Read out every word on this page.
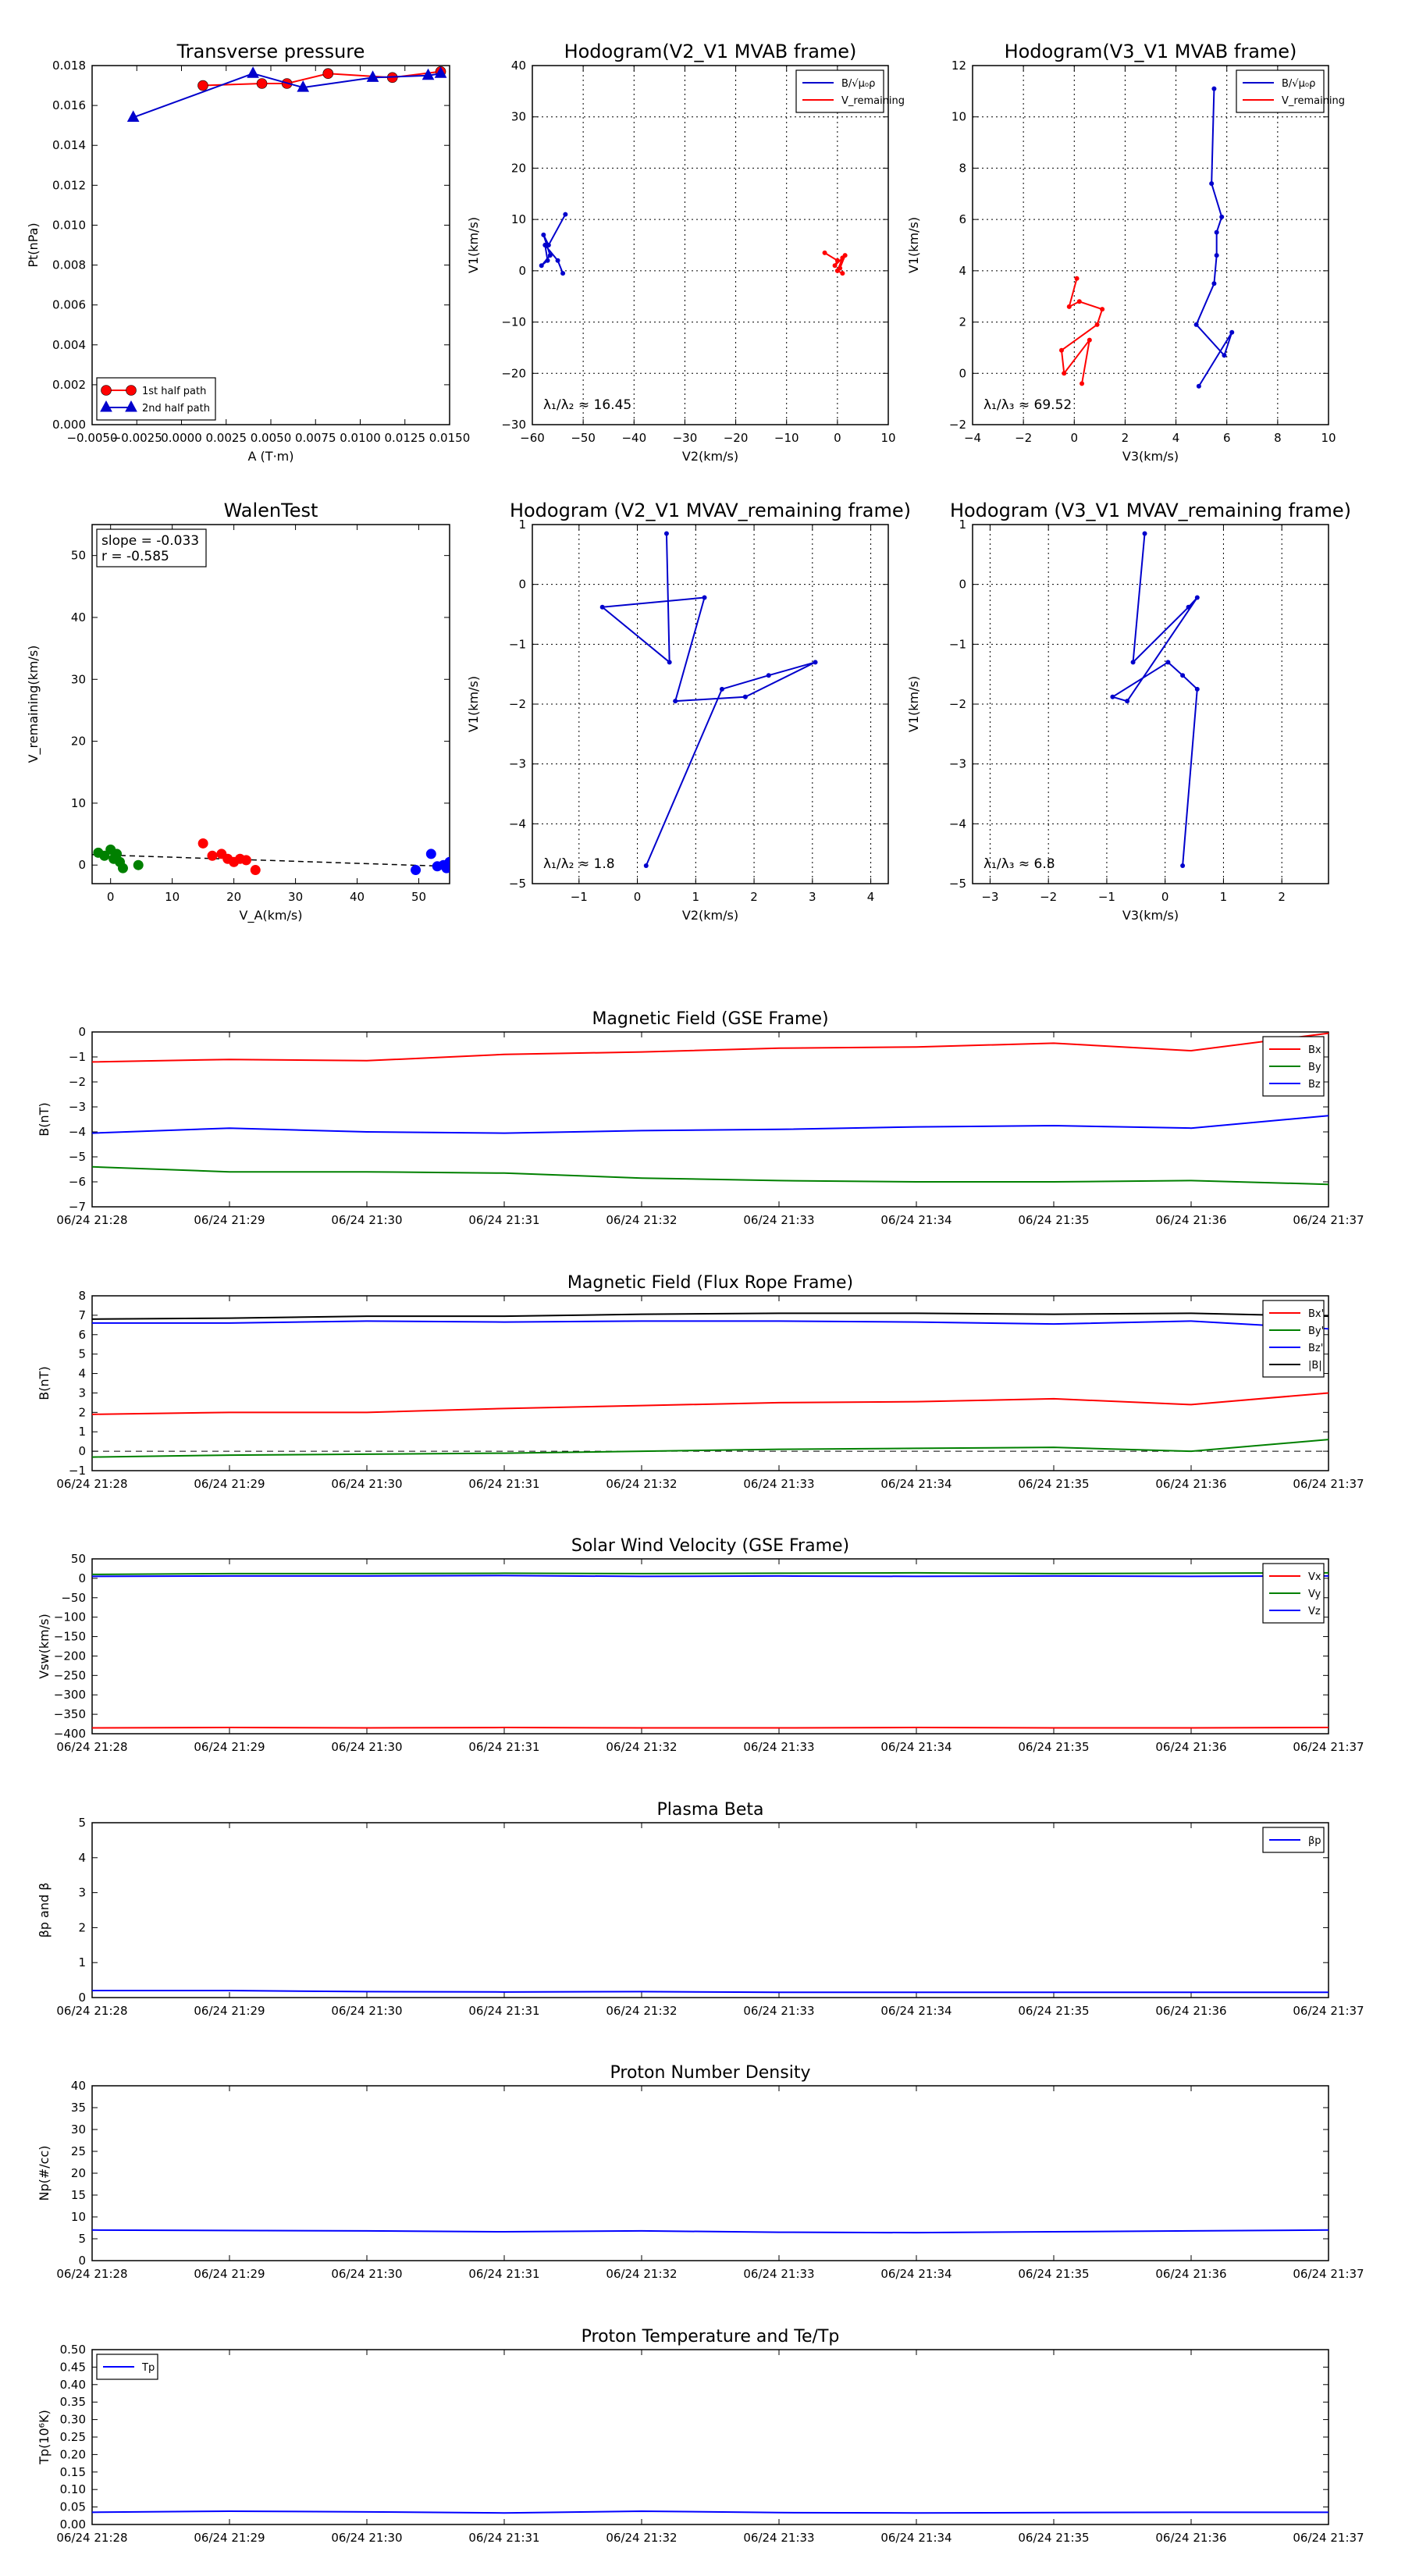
Transverse pressure
−0.0050
−0.0025
0.0000 0.0025 0.0050 0.0075 0.0100 0.0125 0.0150
0.000
0.002
0.004
0.006
0.008
0.010
0.012
0.014
0.016
0.018
A (T·m)
Pt(nPa)
1st half path
2nd half path
Hodogram(V2_V1 MVAB frame)
−60 −50 −40 −30 −20 −10	0	10
−30
−20
−10
0
10
20
30
40
V2(km/s)
V1(km/s)
B/√μ₀ρ
V_remaining
λ₁/λ₂ ≈ 16.45
Hodogram(V3_V1 MVAB frame)
−4	−2	0	2	4	6	8	10
−2
0
2
4
6
8
10
12
V3(km/s)
V1(km/s)
B/√μ₀ρ
V_remaining
λ₁/λ₃ ≈ 69.52
WalenTest
0	10	20	30	40	50
0
10
20
30
40
50
V_A(km/s)
V_remaining(km/s)
slope = -0.033
r = -0.585
Hodogram (V2_V1 MVAV_remaining frame)
−1	0	1	2	3	4
−5
−4
−3
−2
−1
0
1
V2(km/s)
V1(km/s)
λ₁/λ₂ ≈ 1.8
Hodogram (V3_V1 MVAV_remaining frame)
−3	−2	−1	0	1	2
−5
−4
−3
−2
−1
0
1
V3(km/s)
V1(km/s)
λ₁/λ₃ ≈ 6.8
Magnetic Field (GSE Frame)
06/24 21:28	06/24 21:29	06/24 21:30	06/24 21:31	06/24 21:32	06/24 21:33	06/24 21:34	06/24 21:35	06/24 21:36	06/24 21:37
−7
−6
−5
−4
−3
−2
−1
0
B(nT)
Bx
By
Bz
Magnetic Field (Flux Rope Frame)
06/24 21:28	06/24 21:29	06/24 21:30	06/24 21:31	06/24 21:32	06/24 21:33	06/24 21:34	06/24 21:35	06/24 21:36	06/24 21:37
−1
0
1
2
3
4
5
6
7
8
B(nT)
Bx'
By'
Bz'
|B|
Solar Wind Velocity (GSE Frame)
06/24 21:28	06/24 21:29	06/24 21:30	06/24 21:31	06/24 21:32	06/24 21:33	06/24 21:34	06/24 21:35	06/24 21:36	06/24 21:37
−400
−350
−300
−250
−200
−150
−100
−50
0
50
Vsw(km/s)
Vx
Vy
Vz
Plasma Beta
06/24 21:28	06/24 21:29	06/24 21:30	06/24 21:31	06/24 21:32	06/24 21:33	06/24 21:34	06/24 21:35	06/24 21:36	06/24 21:37
0
1
2
3
4
5
βp and β
βp
Proton Number Density
06/24 21:28	06/24 21:29	06/24 21:30	06/24 21:31	06/24 21:32	06/24 21:33	06/24 21:34	06/24 21:35	06/24 21:36	06/24 21:37
0
5
10
15
20
25
30
35
40
Np(#/cc)
Proton Temperature and Te/Tp
06/24 21:28	06/24 21:29	06/24 21:30	06/24 21:31	06/24 21:32	06/24 21:33	06/24 21:34	06/24 21:35	06/24 21:36	06/24 21:37
0.00
0.05
0.10
0.15
0.20
0.25
0.30
0.35
0.40
0.45
0.50
Tp(10⁶K)
Tp
